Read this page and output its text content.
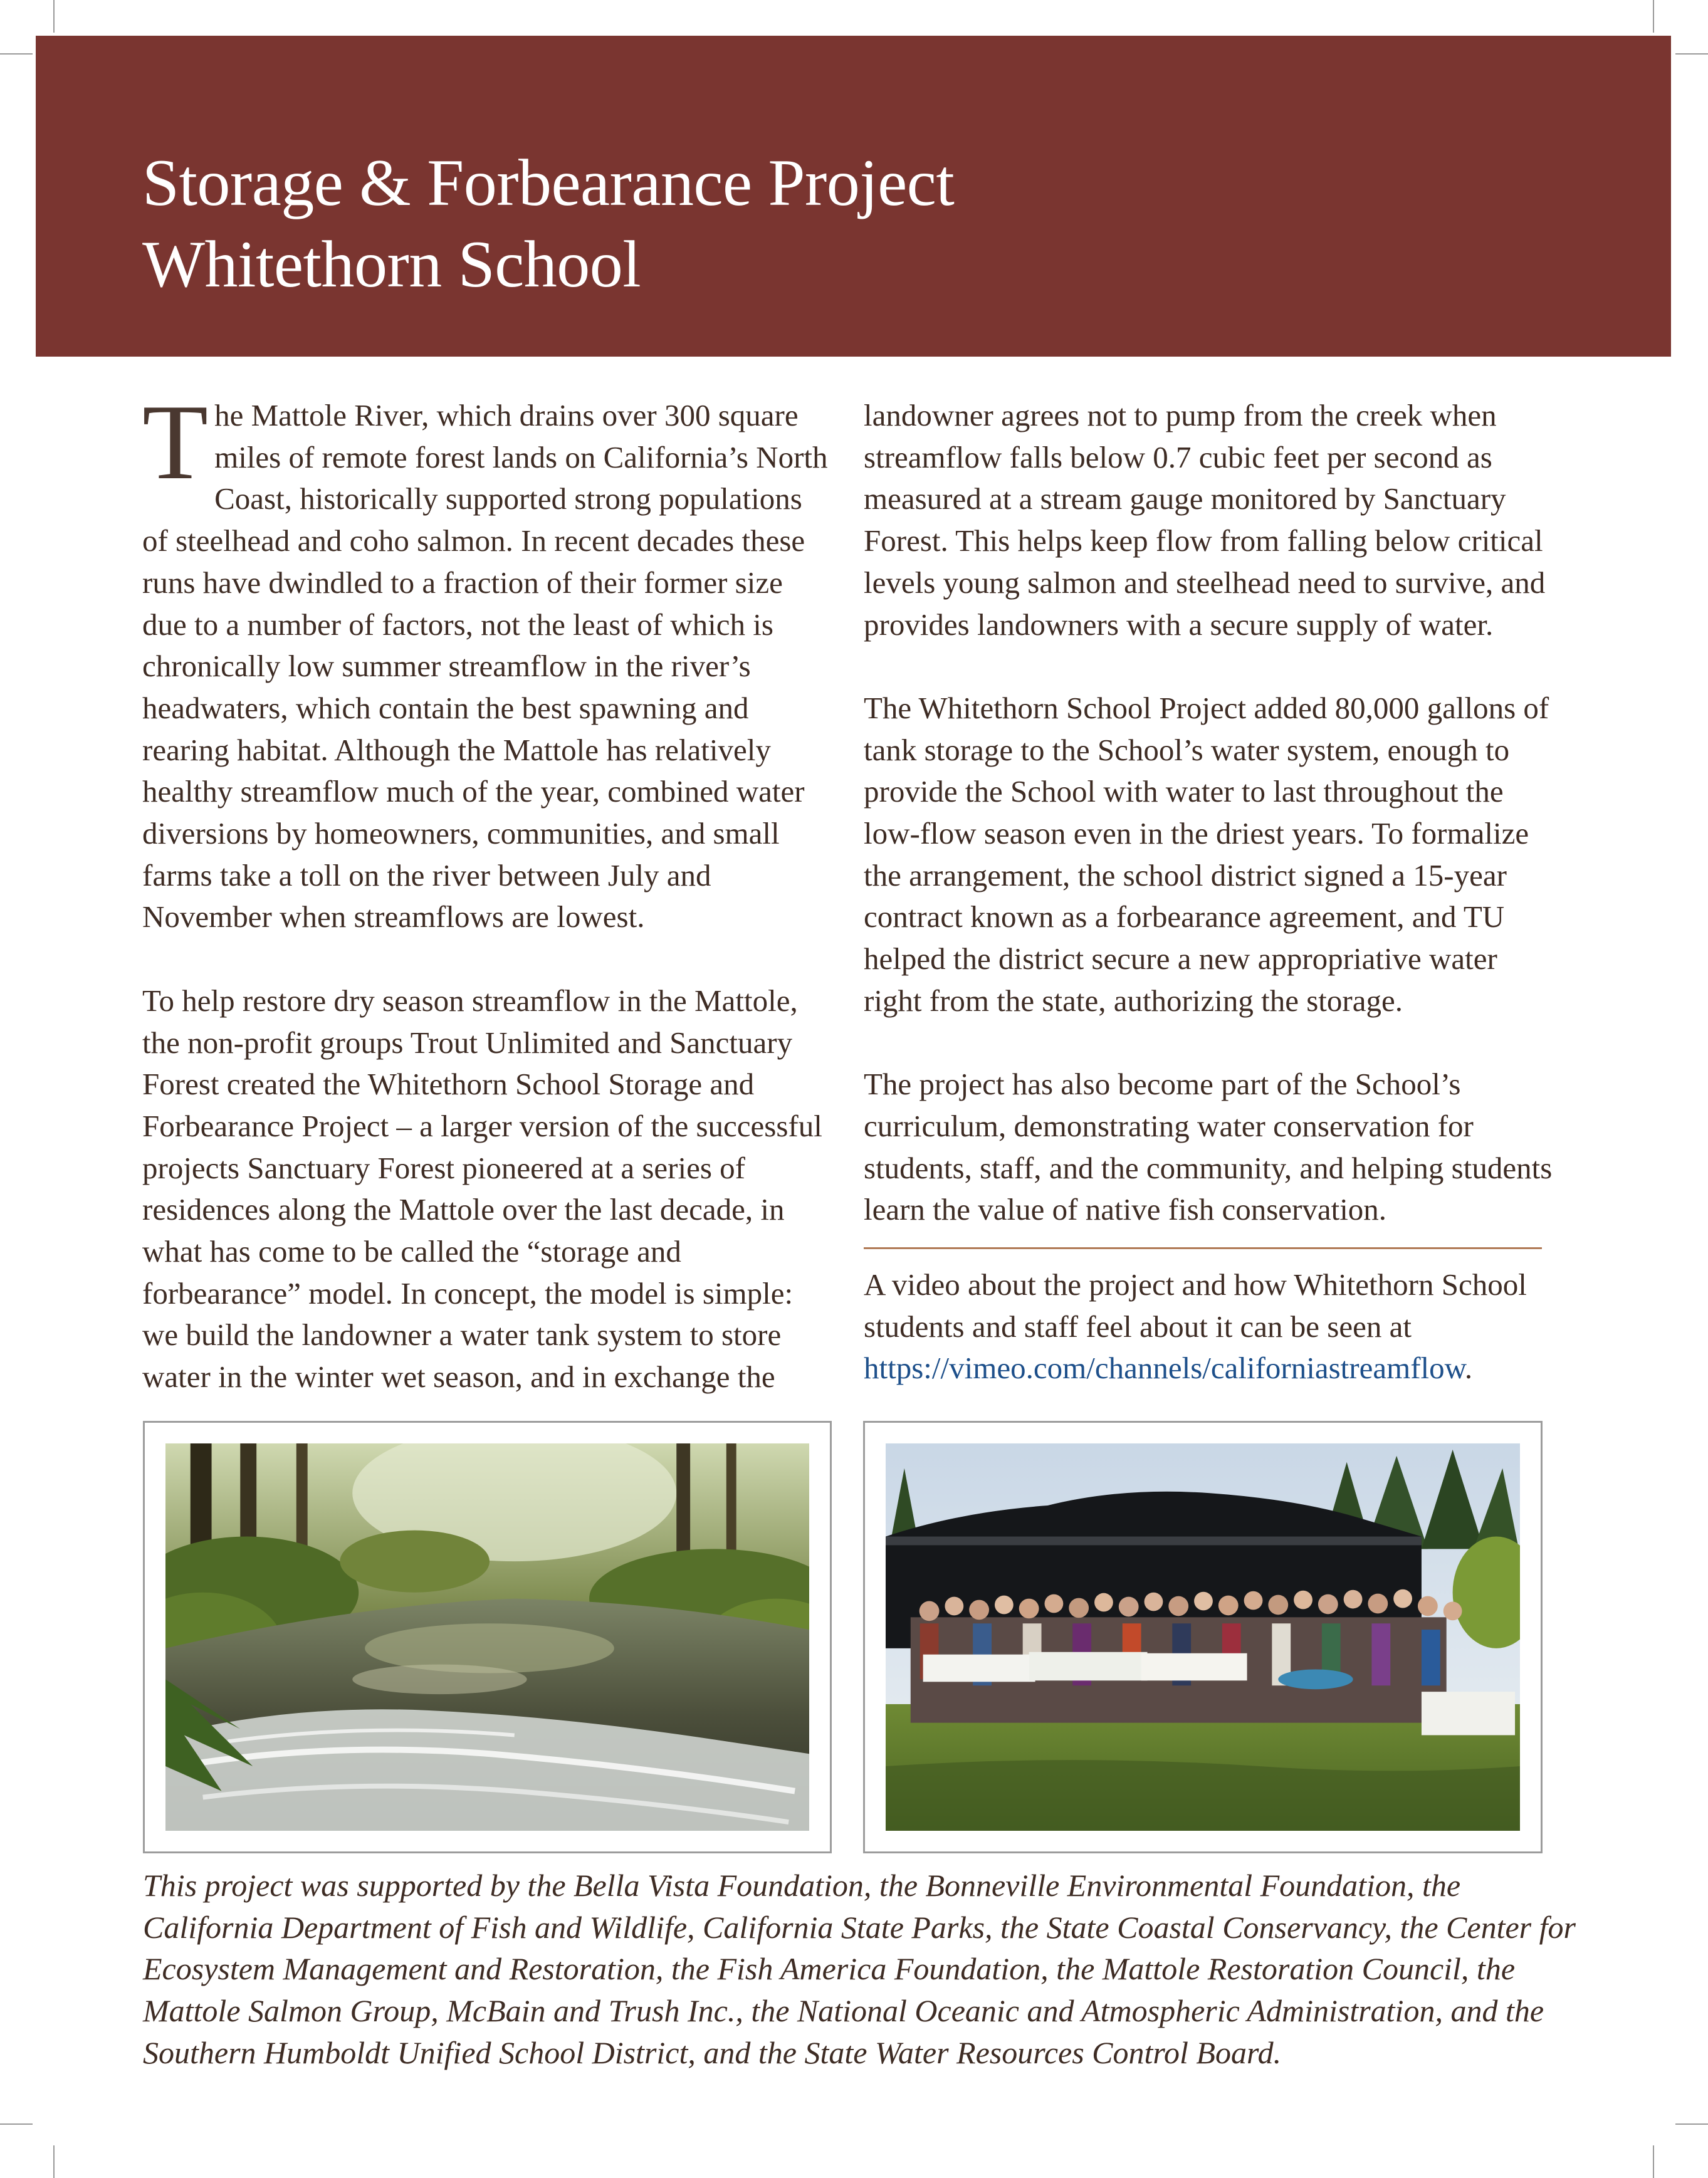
Storage & Forbearance Project
Whitethorn School

The Mattole River, which drains over 300 square miles of remote forest lands on California’s North Coast, historically supported strong populations of steelhead and coho salmon. In recent decades these runs have dwindled to a fraction of their former size due to a number of factors, not the least of which is chronically low summer streamflow in the river’s headwaters, which contain the best spawning and rearing habitat. Although the Mattole has relatively healthy streamflow much of the year, combined water diversions by homeowners, communities, and small farms take a toll on the river between July and November when streamflows are lowest.

To help restore dry season streamflow in the Mattole, the non-profit groups Trout Unlimited and Sanctuary Forest created the Whitethorn School Storage and Forbearance Project – a larger version of the successful projects Sanctuary Forest pioneered at a series of residences along the Mattole over the last decade, in what has come to be called the “storage and forbearance” model. In concept, the model is simple: we build the landowner a water tank system to store water in the winter wet season, and in exchange the

landowner agrees not to pump from the creek when streamflow falls below 0.7 cubic feet per second as measured at a stream gauge monitored by Sanctuary Forest. This helps keep flow from falling below critical levels young salmon and steelhead need to survive, and provides landowners with a secure supply of water.

The Whitethorn School Project added 80,000 gallons of tank storage to the School’s water system, enough to provide the School with water to last throughout the low-flow season even in the driest years. To formalize the arrangement, the school district signed a 15-year contract known as a forbearance agreement, and TU helped the district secure a new appropriative water right from the state, authorizing the storage.

The project has also become part of the School’s curriculum, demonstrating water conservation for students, staff, and the community, and helping students learn the value of native fish conservation.

A video about the project and how Whitethorn School students and staff feel about it can be seen at https://vimeo.com/channels/californiastreamflow.

This project was supported by the Bella Vista Foundation, the Bonneville Environmental Foundation, the California Department of Fish and Wildlife, California State Parks, the State Coastal Conservancy, the Center for Ecosystem Management and Restoration, the Fish America Foundation, the Mattole Restoration Council, the Mattole Salmon Group, McBain and Trush Inc., the National Oceanic and Atmospheric Administration, and the Southern Humboldt Unified School District, and the State Water Resources Control Board.
